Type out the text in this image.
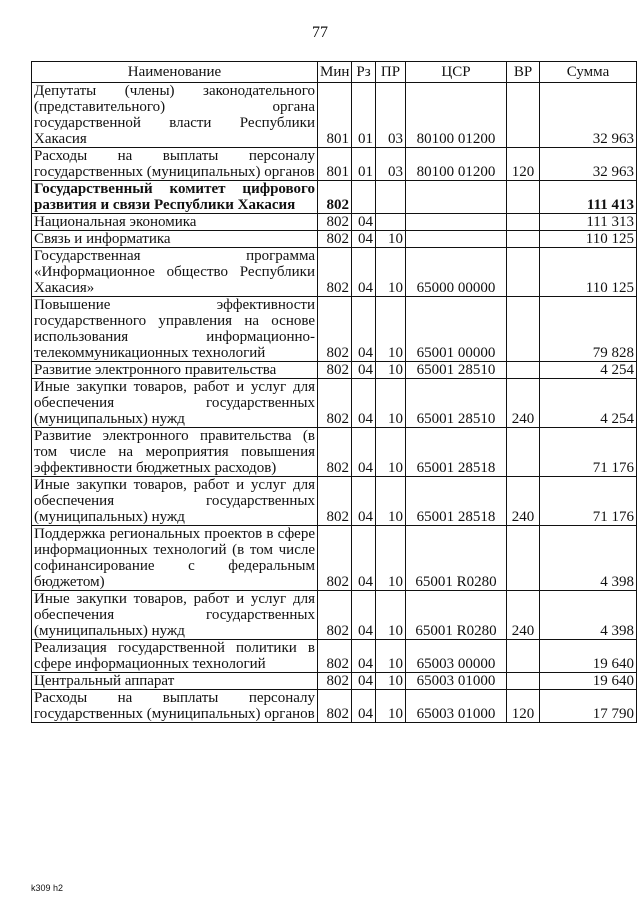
77
Наименование	Мин	Рз	ПР	ЦСР	ВР	Сумма
Депутаты (члены) законодательного (представительного) органа государственной власти Республики Хакасия	801	01	03	80100 01200		32 963
Расходы на выплаты персоналу государственных (муниципальных) органов	801	01	03	80100 01200	120	32 963
Государственный комитет цифрового развития и связи Республики Хакасия	802					111 413
Национальная экономика	802	04				111 313
Связь и информатика	802	04	10			110 125
Государственная программа «Информационное общество Республики Хакасия»	802	04	10	65000 00000		110 125
Повышение эффективности государственного управления на основе использования информационно-телекоммуникационных технологий	802	04	10	65001 00000		79 828
Развитие электронного правительства	802	04	10	65001 28510		4 254
Иные закупки товаров, работ и услуг для обеспечения государственных (муниципальных) нужд	802	04	10	65001 28510	240	4 254
Развитие электронного правительства (в том числе на мероприятия повышения эффективности бюджетных расходов)	802	04	10	65001 28518		71 176
Иные закупки товаров, работ и услуг для обеспечения государственных (муниципальных) нужд	802	04	10	65001 28518	240	71 176
Поддержка региональных проектов в сфере информационных технологий (в том числе софинансирование с федеральным бюджетом)	802	04	10	65001 R0280		4 398
Иные закупки товаров, работ и услуг для обеспечения государственных (муниципальных) нужд	802	04	10	65001 R0280	240	4 398
Реализация государственной политики в сфере информационных технологий	802	04	10	65003 00000		19 640
Центральный аппарат	802	04	10	65003 01000		19 640
Расходы на выплаты персоналу государственных (муниципальных) органов	802	04	10	65003 01000	120	17 790
k309 h2
